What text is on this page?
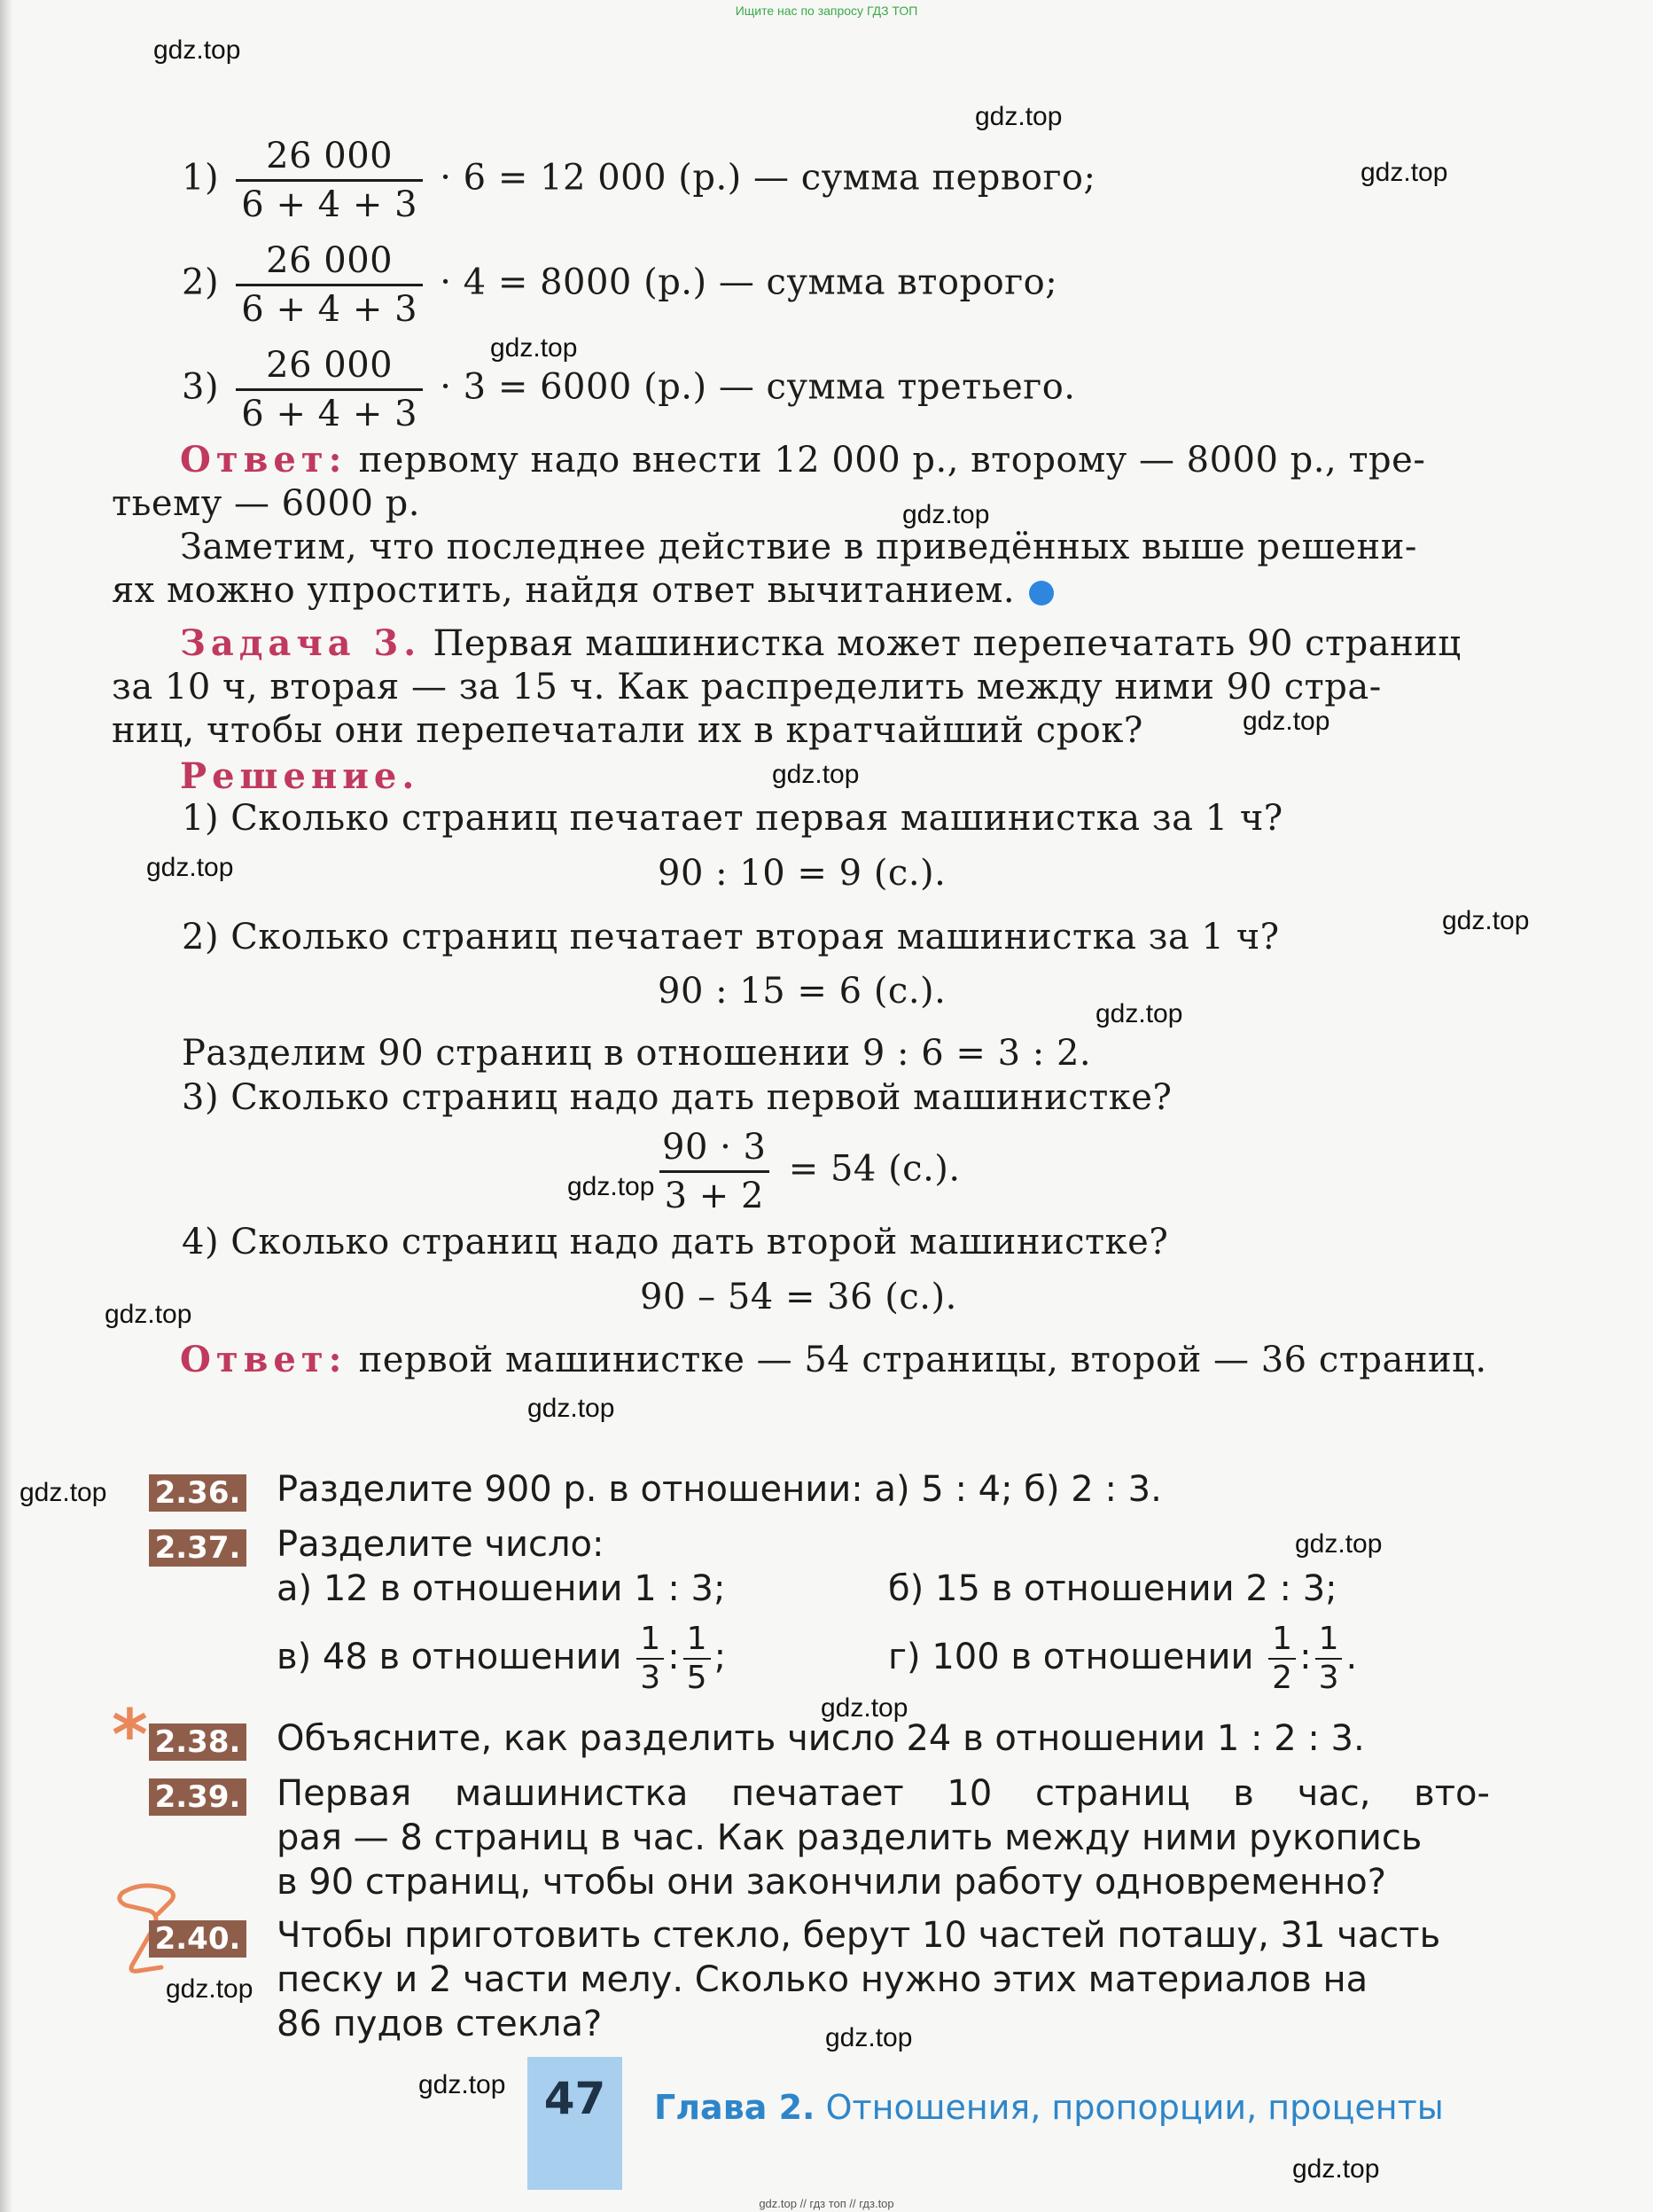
Ищите нас по запросу ГДЗ ТОП
gdz.top
gdz.top
gdz.top
gdz.top
gdz.top
gdz.top
gdz.top
gdz.top
gdz.top
gdz.top
gdz.top
gdz.top
gdz.top
gdz.top
gdz.top
gdz.top
gdz.top
gdz.top
gdz.top
gdz.top
$1) \frac{26 000}{6 + 4 + 3} \cdot 6 = 12$ 000 (р.) — сумма первого;
$2) \frac{26 000}{6 + 4 + 3} \cdot 4 = 8000$ (р.) — сумма второго;
$3) \frac{26 000}{6 + 4 + 3} \cdot 3 = 6000$ (р.) — сумма третьего.
Ответ: первому надо внести 12 000 р., второму — 8000 р., тре-
тьему — 6000 р.
Заметим, что последнее действие в приведённых выше решени-
ях можно упростить, найдя ответ вычитанием.
Задача 3. Первая машинистка может перепечатать 90 страниц
за 10 ч, вторая — за 15 ч. Как распределить между ними 90 стра-
ниц, чтобы они перепечатали их в кратчайший срок?
Решение.
1) Сколько страниц печатает первая машинистка за 1 ч?
90 : 10 = 9 (с.).
2) Сколько страниц печатает вторая машинистка за 1 ч?
90 : 15 = 6 (с.).
Разделим 90 страниц в отношении 9 : 6 = 3 : 2.
3) Сколько страниц надо дать первой машинистке?
$\frac{90 \cdot 3}{3 + 2} = 54$ (с.).
4) Сколько страниц надо дать второй машинистке?
90 – 54 = 36 (с.).
Ответ: первой машинистке — 54 страницы, второй — 36 страниц.
2.36. Разделите 900 р. в отношении: а) 5 : 4; б) 2 : 3.
2.37. Разделите число:
а) 12 в отношении 1 : 3;	б) 15 в отношении 2 : 3;
в) 48 в отношении $\frac{1}{3}$ : $\frac{1}{5}$ ;	г) 100 в отношении $\frac{1}{2}$ : $\frac{1}{3}$ .
* 2.38. Объясните, как разделить число 24 в отношении 1 : 2 : 3.
2.39. Первая машинистка печатает 10 страниц в час, вто-
рая — 8 страниц в час. Как разделить между ними рукопись
в 90 страниц, чтобы они закончили работу одновременно?
2.40. Чтобы приготовить стекло, берут 10 частей поташу, 31 часть
песку и 2 части мелу. Сколько нужно этих материалов на
86 пудов стекла?
47	Глава 2. Отношения, пропорции, проценты
gdz.top // гдз топ // гдз.top
